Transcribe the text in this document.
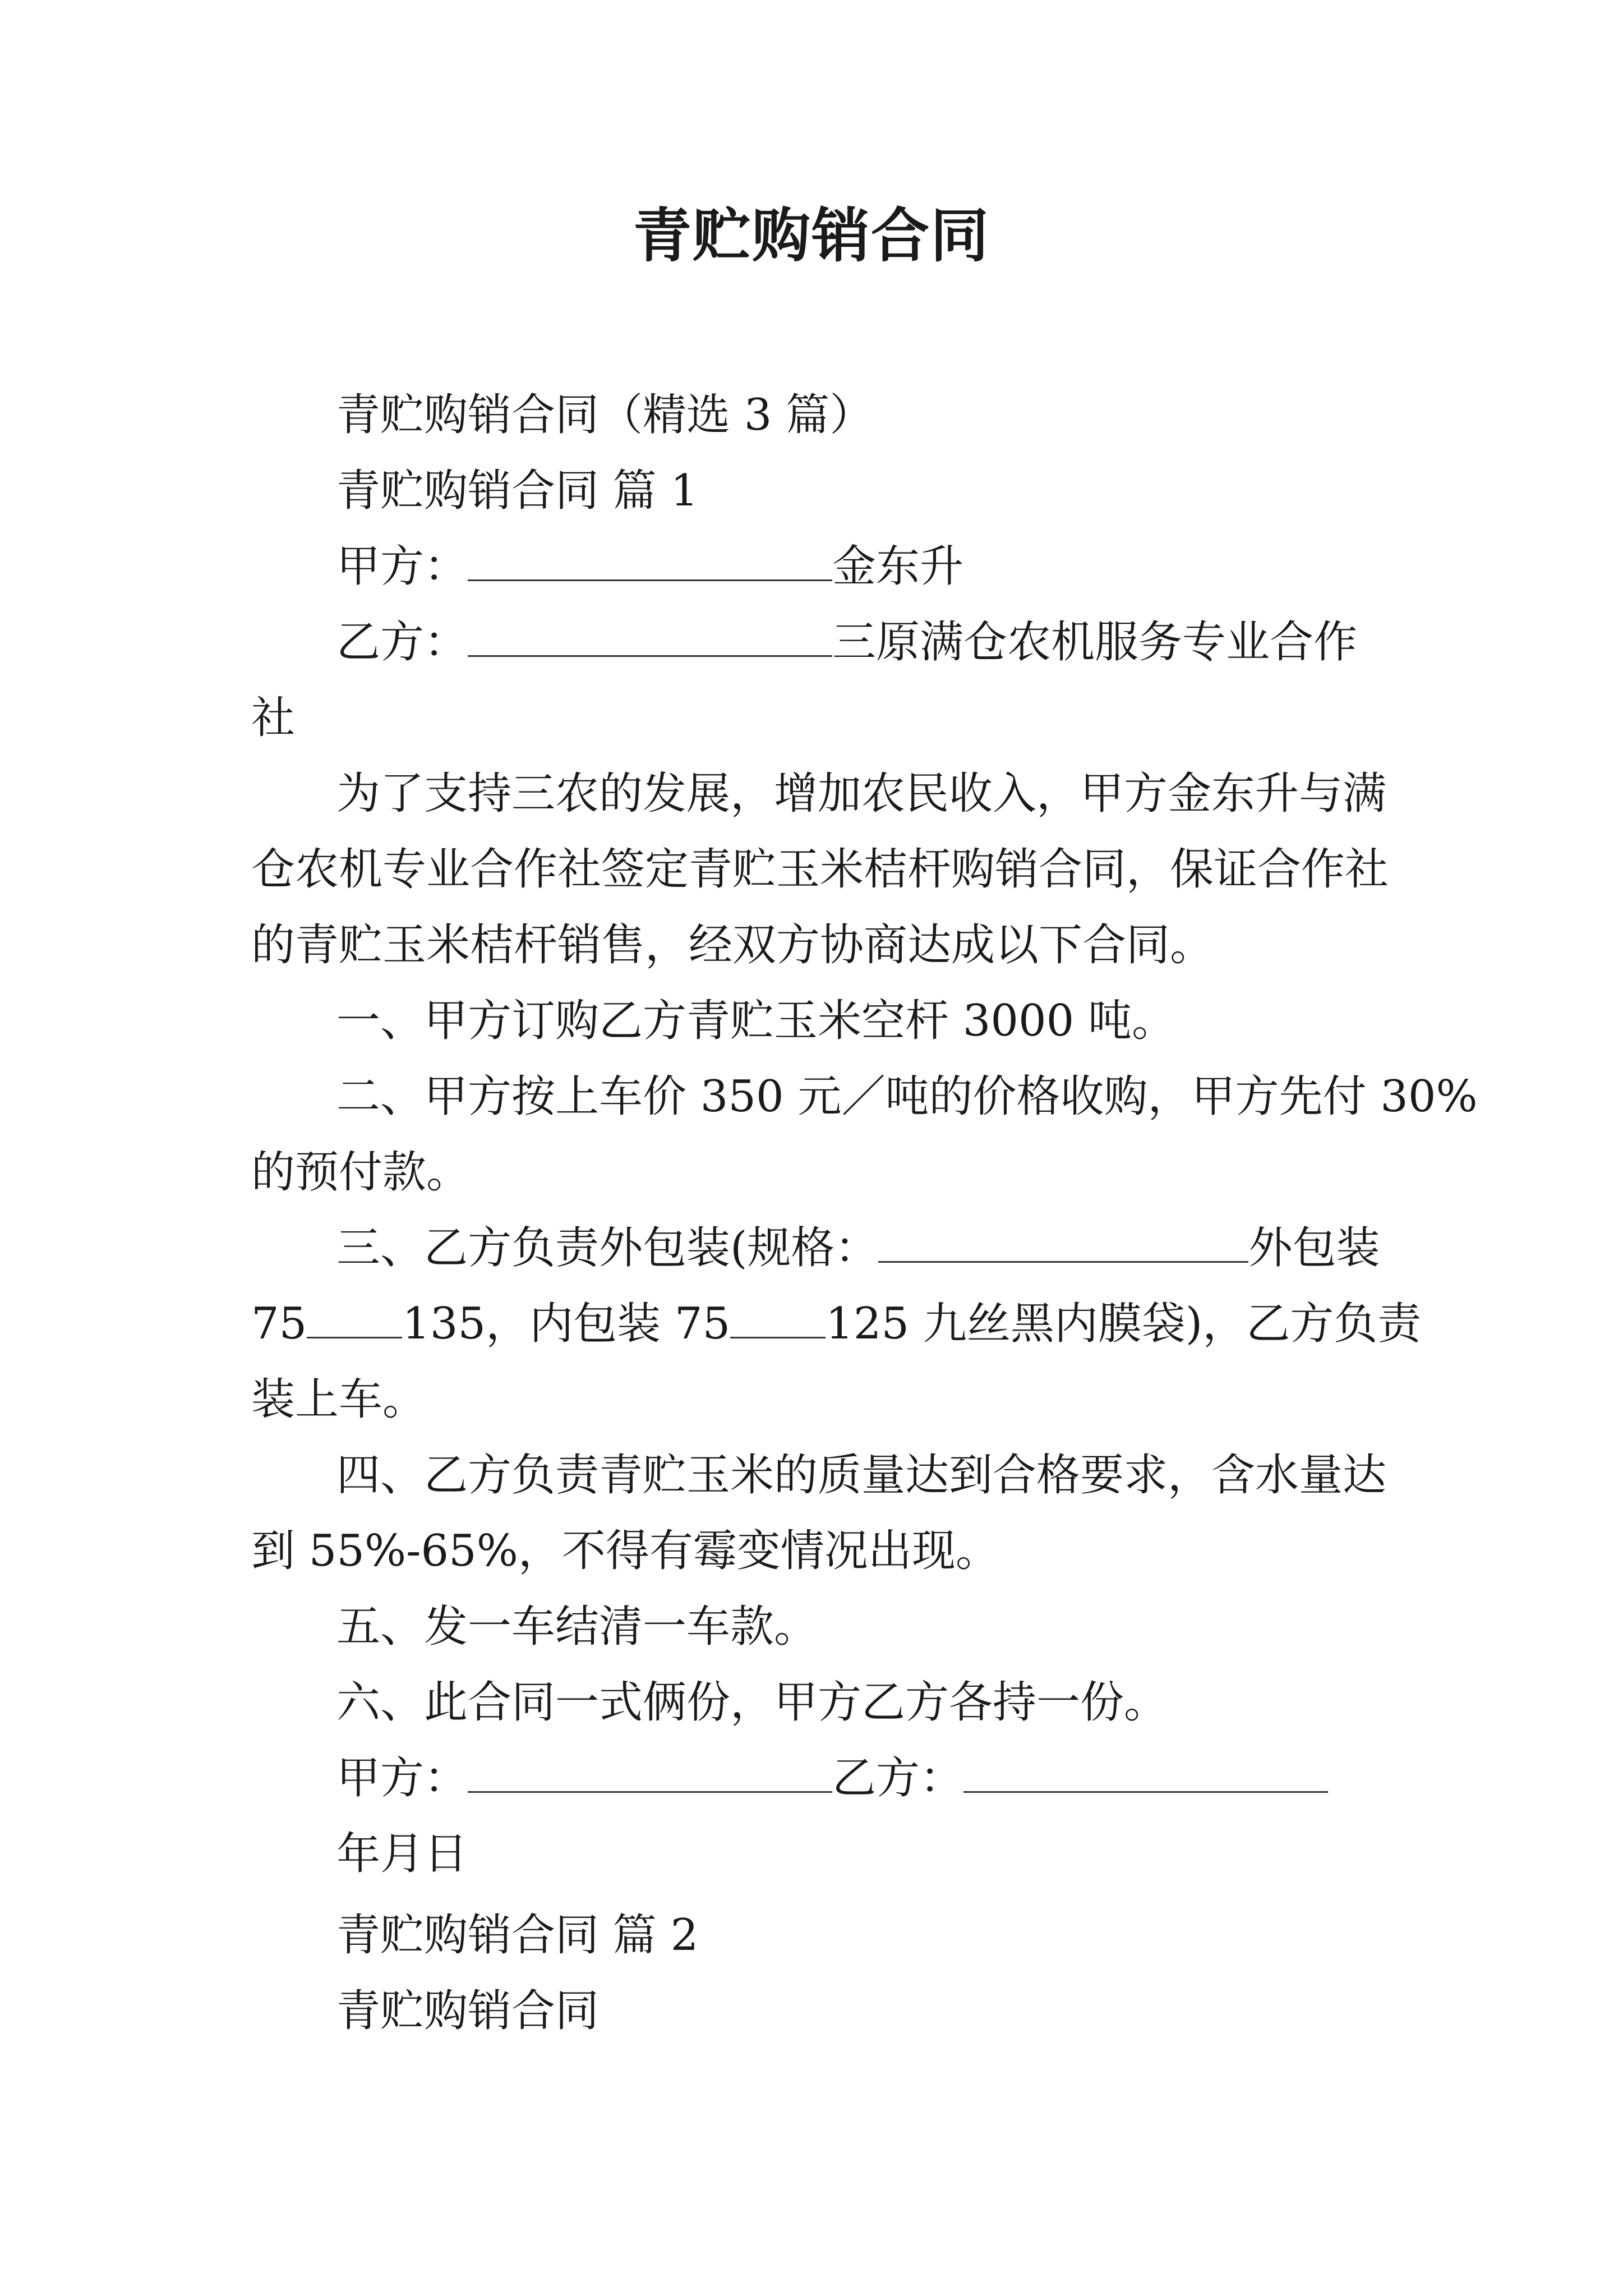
青贮购销合同
青贮购销合同（精选 3 篇）
青贮购销合同 篇 1
甲方：	金东升
乙方：	三原满仓农机服务专业合作
社
为了支持三农的发展，增加农民收入，甲方金东升与满
仓农机专业合作社签定青贮玉米桔杆购销合同，保证合作社
的青贮玉米桔杆销售，经双方协商达成以下合同。
一、甲方订购乙方青贮玉米空杆 3000 吨。
二、甲方按上车价 350 元／吨的价格收购，甲方先付 30%
的预付款。
三、乙方负责外包装(规格：	外包装
75 135，内包装 75 125 九丝黑内膜袋)，乙方负责
装上车。
四、乙方负责青贮玉米的质量达到合格要求，含水量达
到 55%-65%，不得有霉变情况出现。
五、发一车结清一车款。
六、此合同一式俩份，甲方乙方各持一份。
甲方：	乙方：
年月日
青贮购销合同 篇 2
青贮购销合同
